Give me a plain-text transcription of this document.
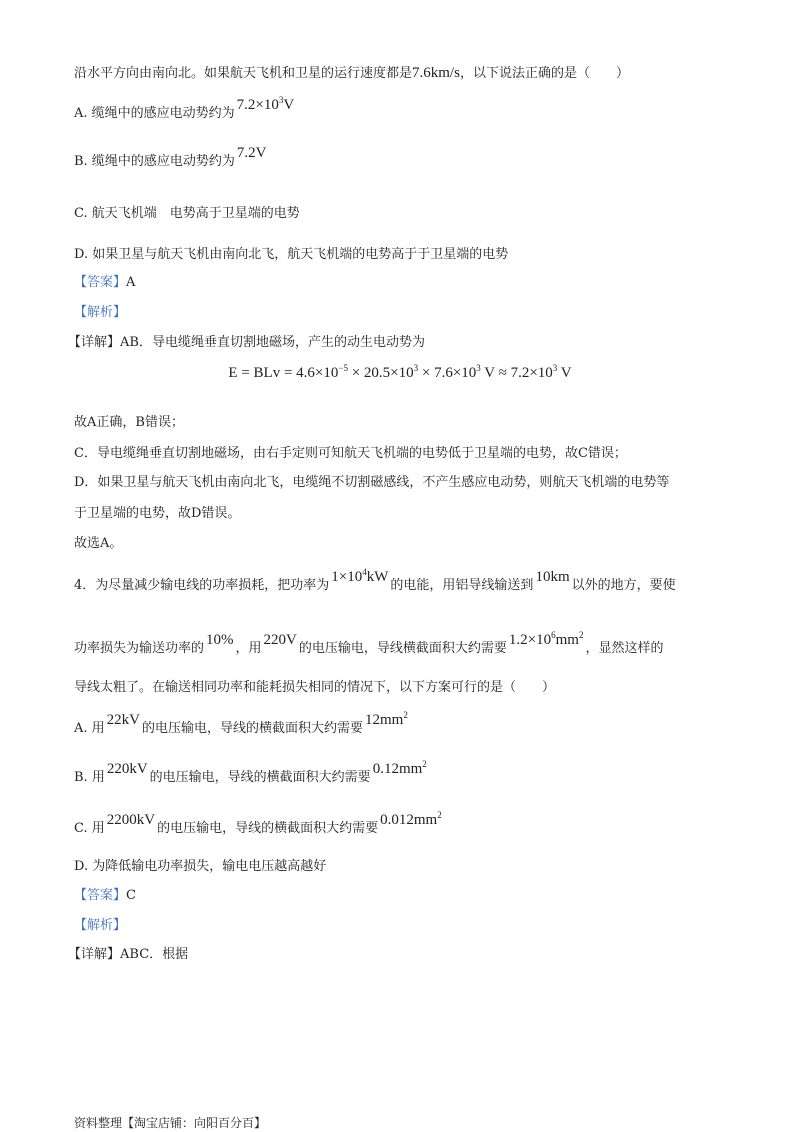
沿水平方向由南向北。如果航天飞机和卫星的运行速度都是7.6km/s，以下说法正确的是（　　）
A. 缆绳中的感应电动势约为$7.2\times 10^3V$
B. 缆绳中的感应电动势约为7.2V
C. 航天飞机端　电势高于卫星端的电势
D. 如果卫星与航天飞机由南向北飞，航天飞机端的电势高于于卫星端的电势
【答案】A
【解析】
【详解】AB．导电缆绳垂直切割地磁场，产生的动生电动势为
E = BLv = $4.6\times 10^{-5} \times 20.5\times 10^3 \times 7.6\times 10^3$ $V \approx 7.2\times 10^3$ V
故A正确，B错误；
C．导电缆绳垂直切割地磁场，由右手定则可知航天飞机端的电势低于卫星端的电势，故C错误；
D．如果卫星与航天飞机由南向北飞，电缆绳不切割磁感线，不产生感应电动势，则航天飞机端的电势等
于卫星端的电势，故D错误。
故选A。
4．为尽量减少输电线的功率损耗，把功率为$1\times 10^4kW$的电能，用铝导线输送到10km以外的地方，要使
功率损失为输送功率的10%，用220V的电压输电，导线横截面积大约需要$1.2\times 10^6mm^2$，显然这样的
导线太粗了。在输送相同功率和能耗损失相同的情况下，以下方案可行的是（　　）
A. 用22kV的电压输电，导线的横截面积大约需要$12mm^2$
B. 用220kV的电压输电，导线的横截面积大约需要$0.12mm^2$
C. 用2200kV的电压输电，导线的横截面积大约需要$0.012mm^2$
D. 为降低输电功率损失，输电电压越高越好
【答案】C
【解析】
【详解】ABC．根据
资料整理【淘宝店铺：向阳百分百】
